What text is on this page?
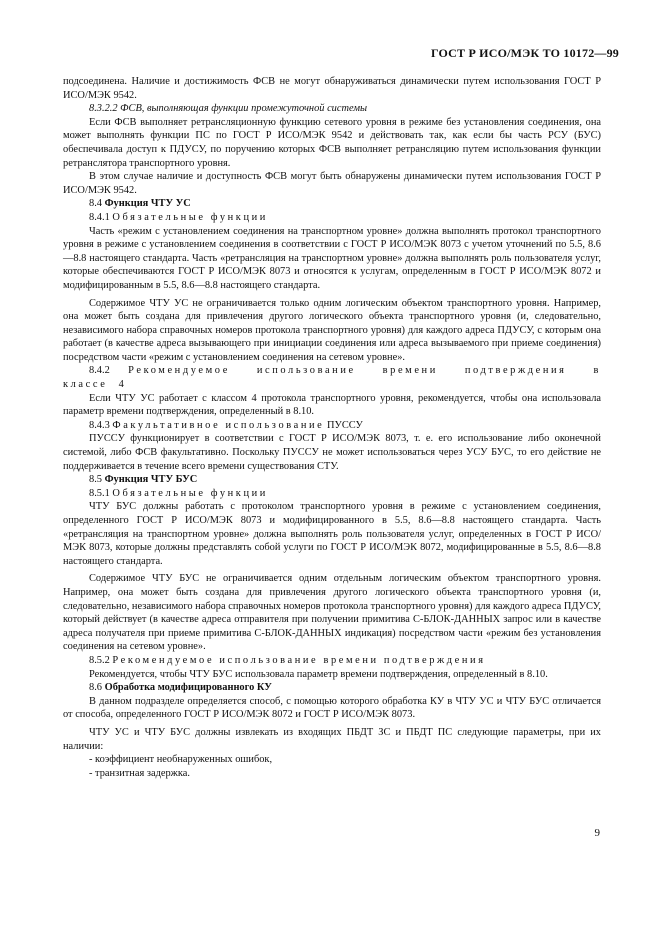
ГОСТ Р ИСО/МЭК ТО 10172—99

подсоединена. Наличие и достижимость ФСВ не могут обнаруживаться динамически путем использования ГОСТ Р ИСО/МЭК 9542.

8.3.2.2 ФСВ, выполняющая функции промежуточной системы

Если ФСВ выполняет ретрансляционную функцию сетевого уровня в режиме без установления соединения, она может выполнять функции ПС по ГОСТ Р ИСО/МЭК 9542 и действовать так, как если бы часть РСУ (БУС) обеспечивала доступ к ПДУСУ, по поручению которых ФСВ выполняет ретрансляцию путем использования функции ретранслятора транспортного уровня.

В этом случае наличие и доступность ФСВ могут быть обнаружены динамически путем использования ГОСТ Р ИСО/МЭК 9542.

8.4 Функция ЧТУ УС

8.4.1 Обязательные функции

Часть «режим с установлением соединения на транспортном уровне» должна выполнять протокол транспортного уровня в режиме с установлением соединения в соответствии с ГОСТ Р ИСО/МЭК 8073 с учетом уточнений по 5.5, 8.6—8.8 настоящего стандарта. Часть «ретрансляция на транспортном уровне» должна выполнять роль пользователя услуг, которые обеспечиваются ГОСТ Р ИСО/МЭК 8073 и относятся к услугам, определенным в ГОСТ Р ИСО/МЭК 8072 и модифицированным в 5.5, 8.6—8.8 настоящего стандарта.

Содержимое ЧТУ УС не ограничивается только одним логическим объектом транспортного уровня. Например, она может быть создана для привлечения другого логического объекта транспортного уровня (и, следовательно, независимого набора справочных номеров протокола транспортного уровня) для каждого адреса ПДУСУ, с которым она работает (в качестве адреса вызывающего при инициации соединения или адреса вызываемого при приеме соединения) посредством части «режим с установлением соединения на сетевом уровне».

8.4.2 Рекомендуемое использование времени подтверждения в

классе 4

Если ЧТУ УС работает с классом 4 протокола транспортного уровня, рекомендуется, чтобы она использовала параметр времени подтверждения, определенный в 8.10.

8.4.3 Факультативное использование ПУССУ

ПУССУ функционирует в соответствии с ГОСТ Р ИСО/МЭК 8073, т. е. его использование либо оконечной системой, либо ФСВ факультативно. Поскольку ПУССУ не может использоваться через УСУ БУС, то его действие не поддерживается в течение всего времени существования СТУ.

8.5 Функция ЧТУ БУС

8.5.1 Обязательные функции

ЧТУ БУС должны работать с протоколом транспортного уровня в режиме с установлением соединения, определенного ГОСТ Р ИСО/МЭК 8073 и модифицированного в 5.5, 8.6—8.8 настоящего стандарта. Часть «ретрансляция на транспортном уровне» должна выполнять роль пользователя услуг, определенных в ГОСТ Р ИСО/МЭК 8073, которые должны представлять собой услуги по ГОСТ Р ИСО/МЭК 8072, модифицированные в 5.5, 8.6—8.8 настоящего стандарта.

Содержимое ЧТУ БУС не ограничивается одним отдельным логическим объектом транспортного уровня. Например, она может быть создана для привлечения другого логического объекта транспортного уровня (и, следовательно, независимого набора справочных номеров протокола транспортного уровня) для каждого адреса ПДУСУ, который действует (в качестве адреса отправителя при получении примитива С-БЛОК-ДАННЫХ запрос или в качестве адреса получателя при приеме примитива С-БЛОК-ДАННЫХ индикация) посредством части «режим без установления соединения на сетевом уровне».

8.5.2 Рекомендуемое использование времени подтверждения

Рекомендуется, чтобы ЧТУ БУС использовала параметр времени подтверждения, определенный в 8.10.

8.6 Обработка модифицированного КУ

В данном подразделе определяется способ, с помощью которого обработка КУ в ЧТУ УС и ЧТУ БУС отличается от способа, определенного ГОСТ Р ИСО/МЭК 8072 и ГОСТ Р ИСО/МЭК 8073.

ЧТУ УС и ЧТУ БУС должны извлекать из входящих ПБДТ ЗС и ПБДТ ПС следующие параметры, при их наличии:

- коэффициент необнаруженных ошибок,

- транзитная задержка.

9
